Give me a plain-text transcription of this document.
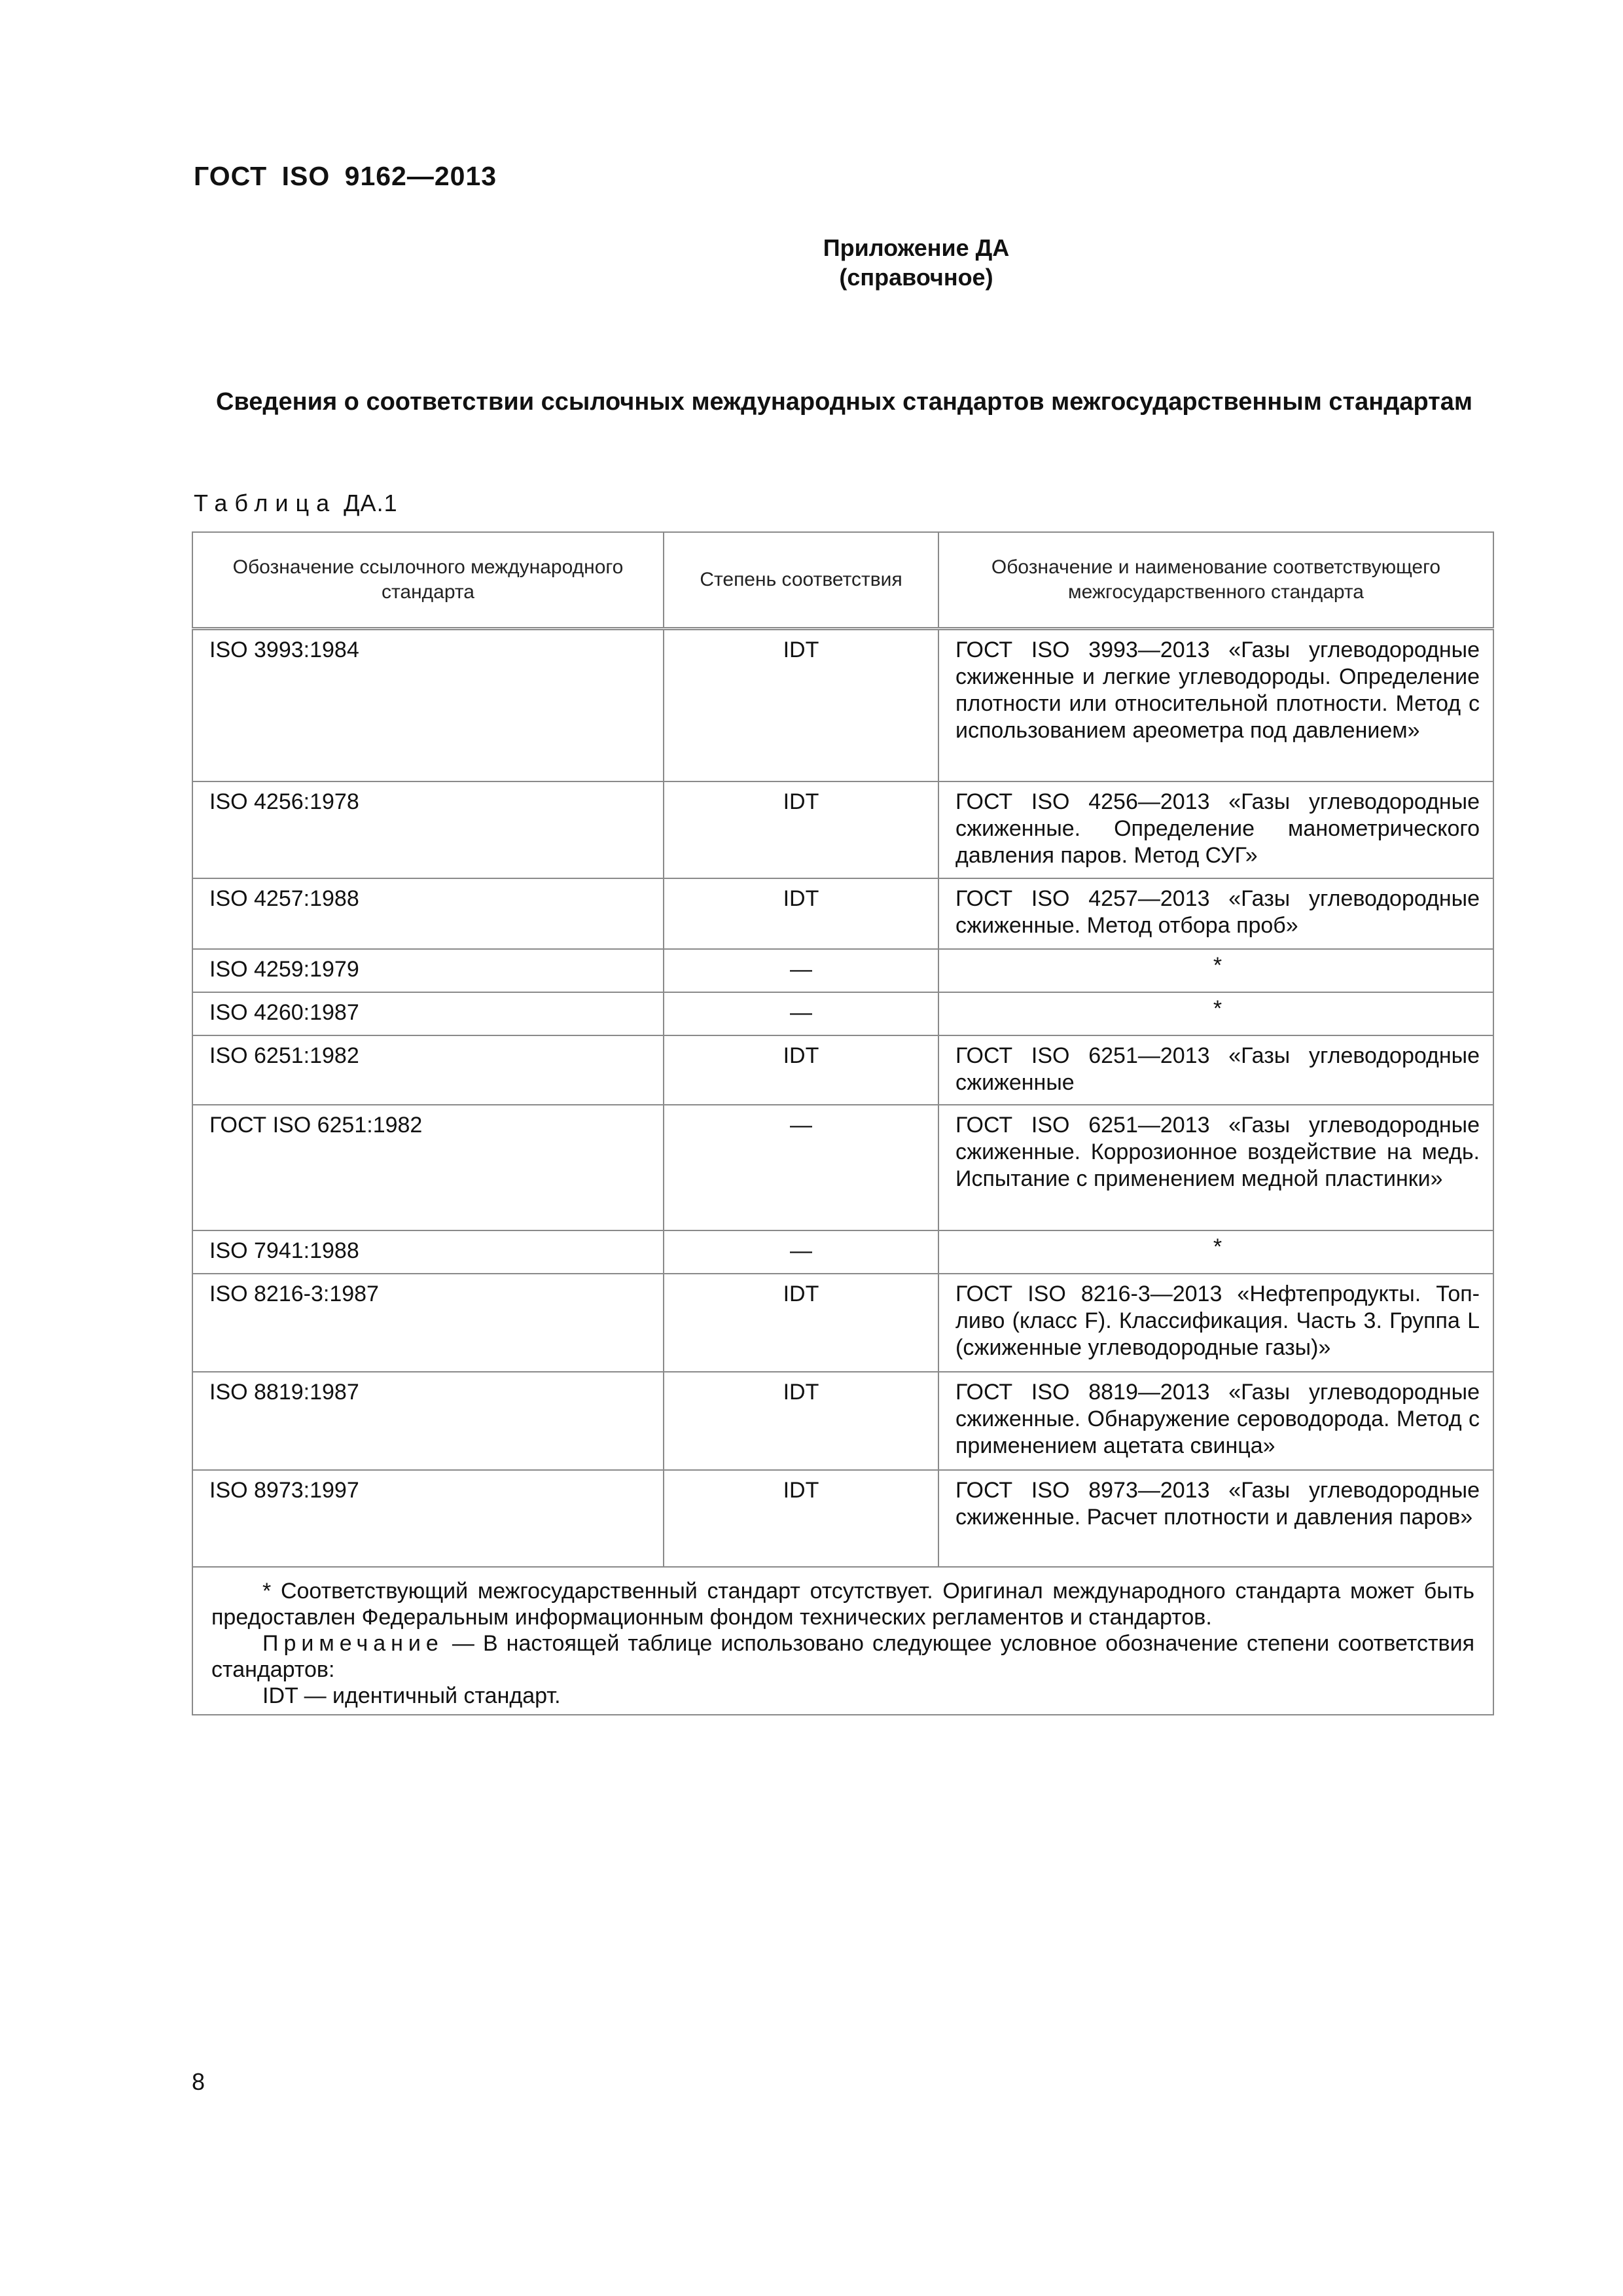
ГОСТ ISO 9162—2013
Приложение ДА
(справочное)
Сведения о соответствии ссылочных международных стандартов межгосударственным стандартам
Таблица ДА.1
Обозначение ссылочного международного стандарта	Степень соответствия	Обозначение и наименование соответствующего межгосударственного стандарта
ISO 3993:1984	IDT	ГОСТ ISO 3993—2013 «Газы углеводородные сжиженные и легкие углеводороды. Определение плотности или относительной плотности. Метод с использованием ареометра под давлением»
ISO 4256:1978	IDT	ГОСТ ISO 4256—2013 «Газы углеводородные сжиженные. Определение манометрического давления паров. Метод СУГ»
ISO 4257:1988	IDT	ГОСТ ISO 4257—2013 «Газы углеводородные сжиженные. Метод отбора проб»
ISO 4259:1979	—	*
ISO 4260:1987	—	*
ISO 6251:1982	IDT	ГОСТ ISO 6251—2013 «Газы углеводородные сжиженные
ГОСТ ISO 6251:1982	—	ГОСТ ISO 6251—2013 «Газы углеводородные сжиженные. Коррозионное воздействие на медь. Испытание с применением медной пластинки»
ISO 7941:1988	—	*
ISO 8216-3:1987	IDT	ГОСТ ISO 8216-3—2013 «Нефтепродукты. Топливо (класс F). Классификация. Часть 3. Группа L (сжиженные углеводородные газы)»
ISO 8819:1987	IDT	ГОСТ ISO 8819—2013 «Газы углеводородные сжиженные. Обнаружение сероводорода. Метод с применением ацетата свинца»
ISO 8973:1997	IDT	ГОСТ ISO 8973—2013 «Газы углеводородные сжиженные. Расчет плотности и давления паров»

* Соответствующий межгосударственный стандарт отсутствует. Оригинал международного стандарта может быть предоставлен Федеральным информационным фондом технических регламентов и стандартов.
Примечание — В настоящей таблице использовано следующее условное обозначение степени соответствия стандартов:
IDT — идентичный стандарт.		
8
